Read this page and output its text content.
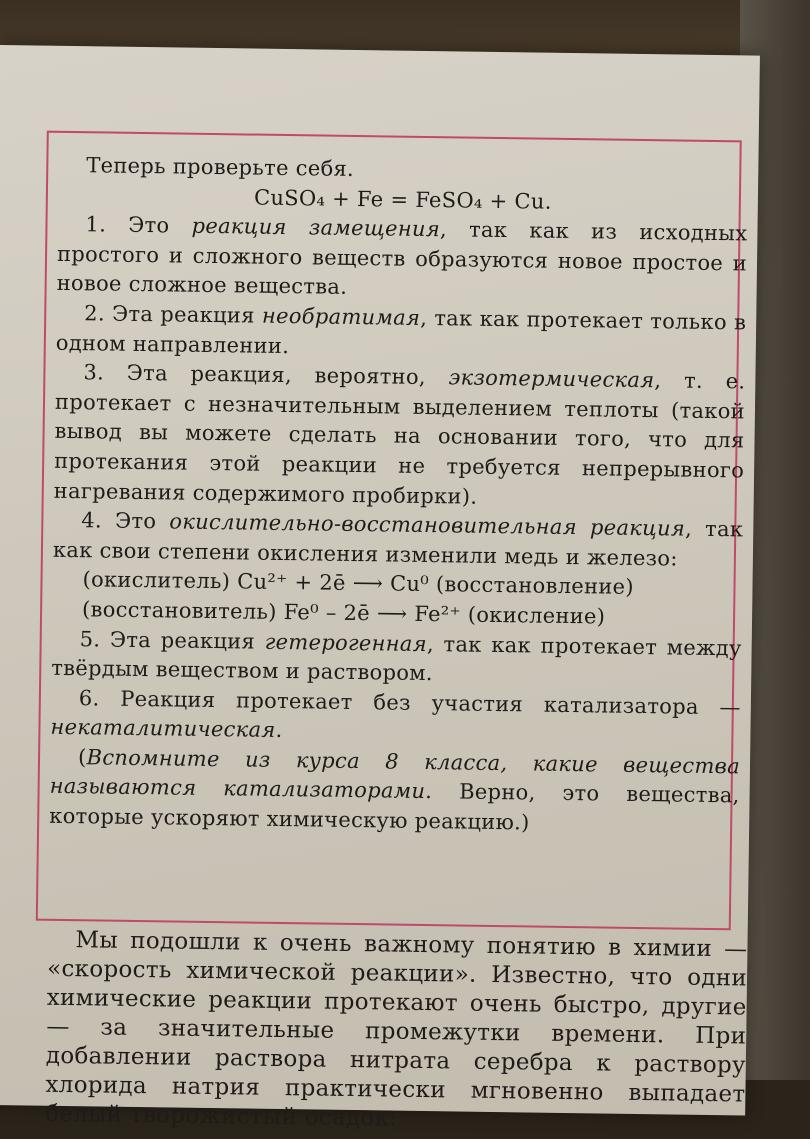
Теперь проверьте себя.

CuSO₄ + Fe = FeSO₄ + Cu.

1. Это реакция замещения, так как из исходных простого и сложного веществ образуются новое простое и новое сложное вещества.

2. Эта реакция необратимая, так как протекает только в одном направлении.

3. Эта реакция, вероятно, экзотермическая, т. е. протекает с незначительным выделением теплоты (такой вывод вы можете сделать на основании того, что для протекания этой реакции не требуется непрерывного нагревания содержимого пробирки).

4. Это окислительно-восстановительная реакция, так как свои степени окисления изменили медь и железо:

(окислитель) Cu²⁺ + 2ē ⟶ Cu⁰ (восстановление)

(восстановитель) Fe⁰ – 2ē ⟶ Fe²⁺ (окисление)

5. Эта реакция гетерогенная, так как протекает между твёрдым веществом и раствором.

6. Реакция протекает без участия катализатора — некаталитическая.

(Вспомните из курса 8 класса, какие вещества называются катализаторами. Верно, это вещества, которые ускоряют химическую реакцию.)

Мы подошли к очень важному понятию в химии — «скорость химической реакции». Известно, что одни химические реакции протекают очень быстро, другие — за значительные промежутки времени. При добавлении раствора нитрата серебра к раствору хлорида натрия практически мгновенно выпадает белый творожистый осадок:
